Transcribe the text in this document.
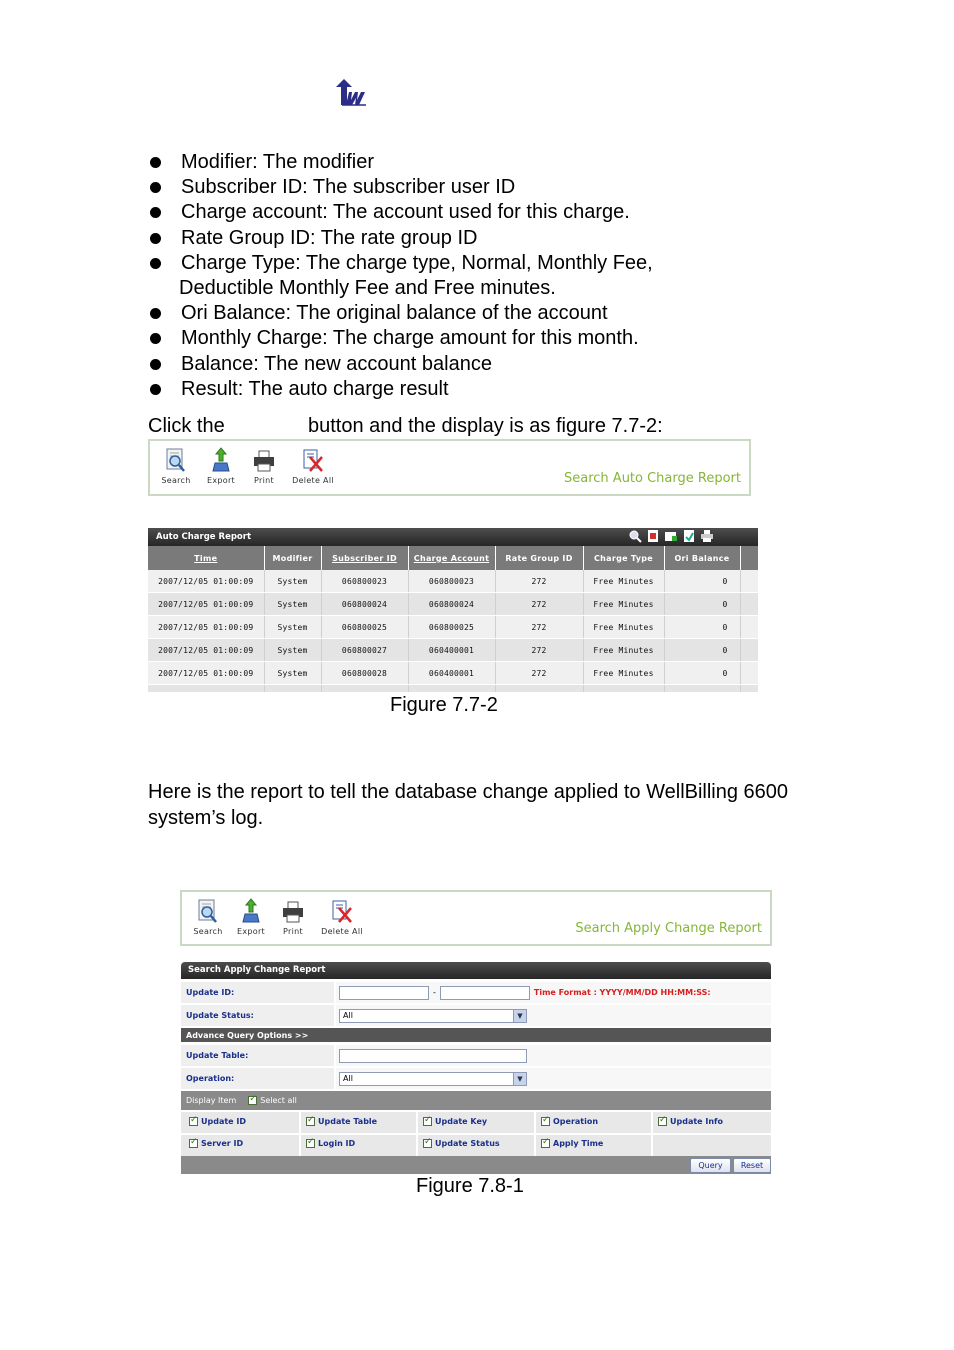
Modifier: The modifier
Subscriber ID: The subscriber user ID
Charge account: The account used for this charge.
Rate Group ID: The rate group ID
Charge Type: The charge type, Normal, Monthly Fee,
Deductible Monthly Fee and Free minutes.
Ori Balance: The original balance of the account
Monthly Charge: The charge amount for this month.
Balance: The new account balance
Result: The auto charge result
Click the	button and the display is as figure 7.7-2:
Search	Export	Print	Delete All	Search Auto Charge Report
Auto Charge Report
Time	Modifier	Subscriber ID	Charge Account	Rate Group ID	Charge Type	Ori Balance	
2007/12/05 01:00:09	System	060800023	060800023	272	Free Minutes	0	
2007/12/05 01:00:09	System	060800024	060800024	272	Free Minutes	0	
2007/12/05 01:00:09	System	060800025	060800025	272	Free Minutes	0	
2007/12/05 01:00:09	System	060800027	060400001	272	Free Minutes	0	
2007/12/05 01:00:09	System	060800028	060400001	272	Free Minutes	0	

Figure 7.7-2
Here is the report to tell the database change applied to WellBilling 6600 system’s log.
Search	Export	Print	Delete All	Search Apply Change Report
Search Apply Change Report
Update ID:	-	Time Format : YYYY/MM/DD HH:MM:SS:
Update Status:	All	▼
Advance Query Options >>
Update Table:
Operation:	All	▼
Display Item ✓	Select all
✓
Update ID ✓	Update Table ✓	Update Key ✓	Operation ✓	Update Info
✓
Server ID ✓	Login ID ✓	Update Status ✓	Apply Time
Query	Reset
Figure 7.8-1
